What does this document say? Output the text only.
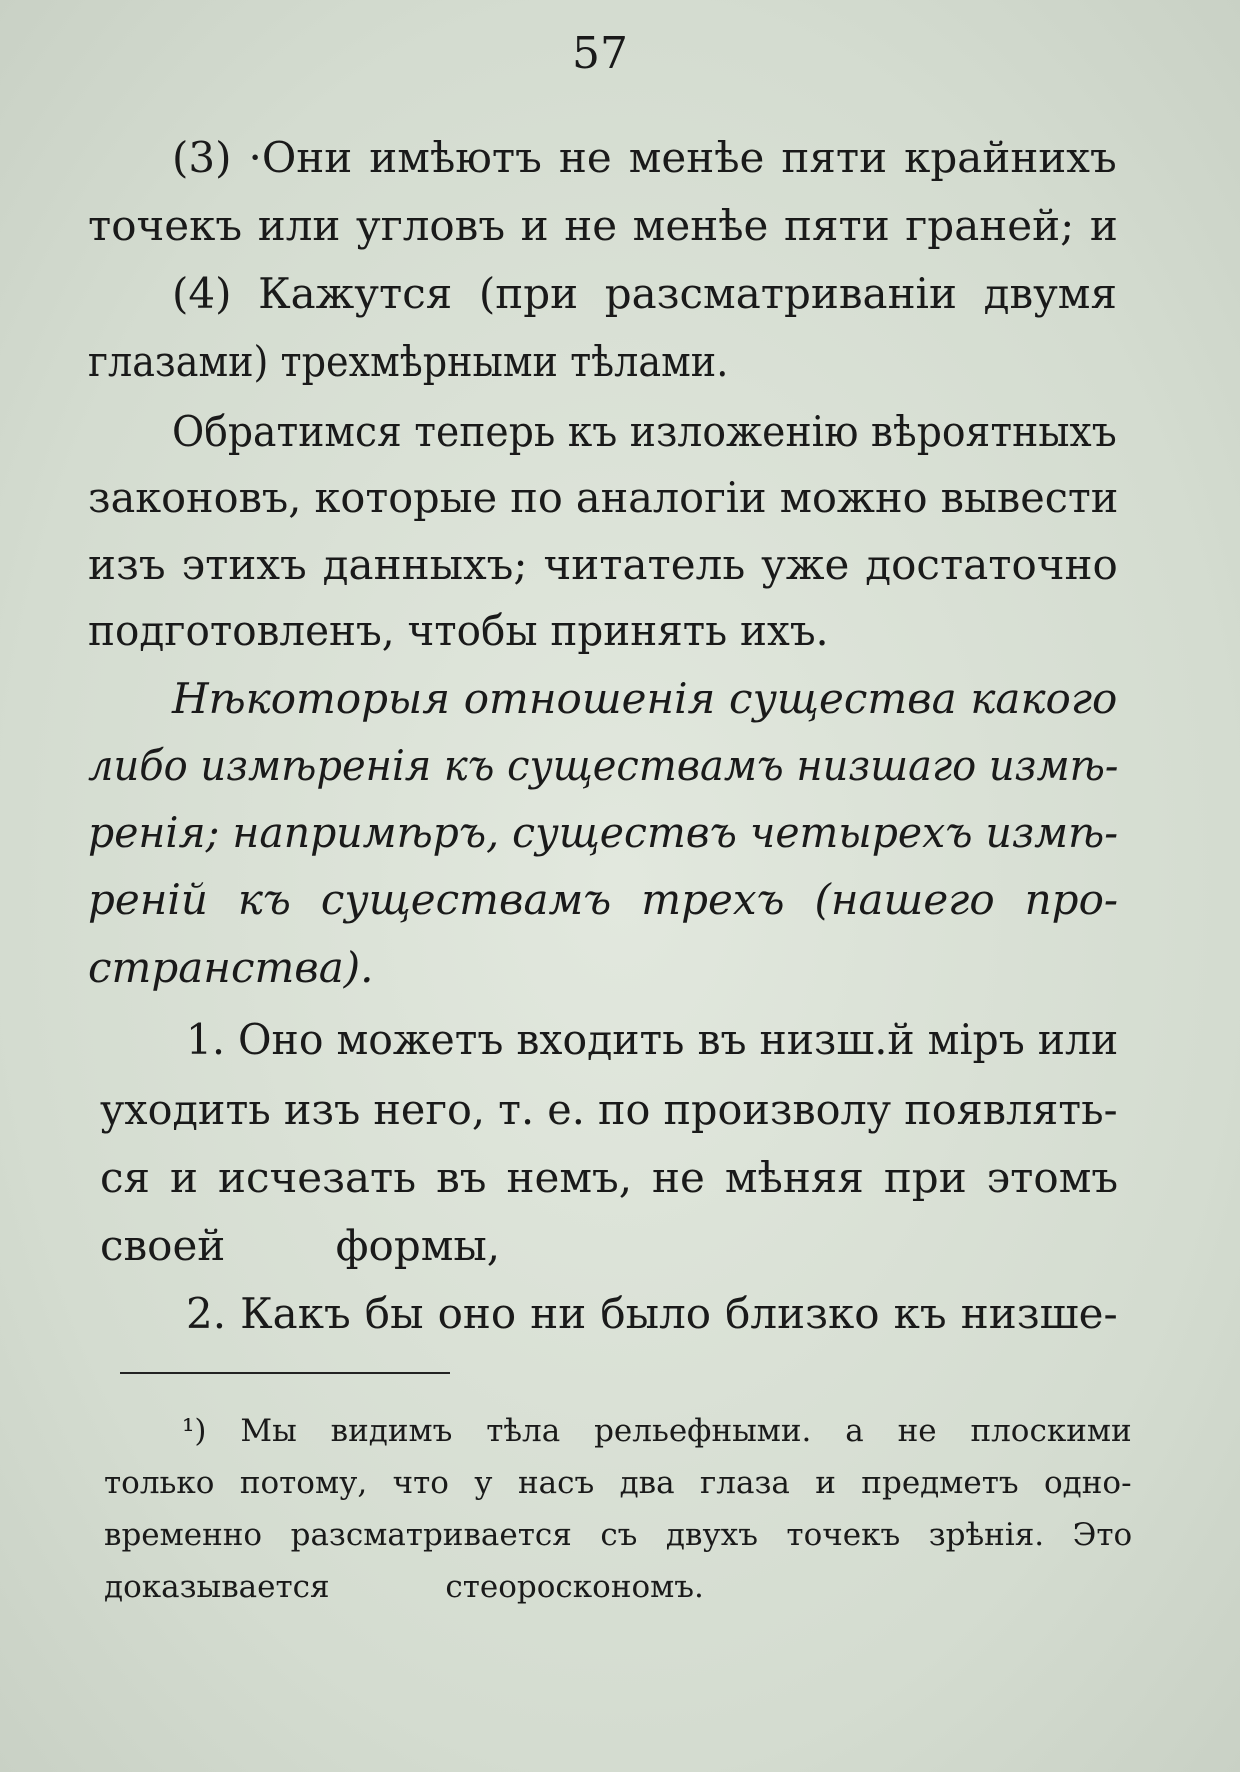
57
(3) ·Они имѣютъ не менѣе пяти крайнихъ
точекъ или угловъ и не менѣе пяти граней; и
(4) Кажутся (при разсматриваніи двумя
глазами) трехмѣрными тѣлами.
Обратимся теперь къ изложенію вѣроятныхъ
законовъ, которые по аналогіи можно вывести
изъ этихъ данныхъ; читатель уже достаточно
подготовленъ, чтобы принять ихъ.
Нѣкоторыя отношенія существа какого
либо измѣренія къ существамъ низшаго измѣ-
ренія; напримѣръ, существъ четырехъ измѣ-
реній къ существамъ трехъ (нашего про-
странства).
1. Оно можетъ входить въ низш.й міръ или
уходить изъ него, т. е. по произволу появлять-
ся и исчезать въ немъ, не мѣняя при этомъ
своей формы,
2. Какъ бы оно ни было близко къ низше-
¹) Мы видимъ тѣла рельефными. а не плоскими
только потому, что у насъ два глаза и предметъ одно-
временно разсматривается съ двухъ точекъ зрѣнія. Это
доказывается стеороскономъ.
